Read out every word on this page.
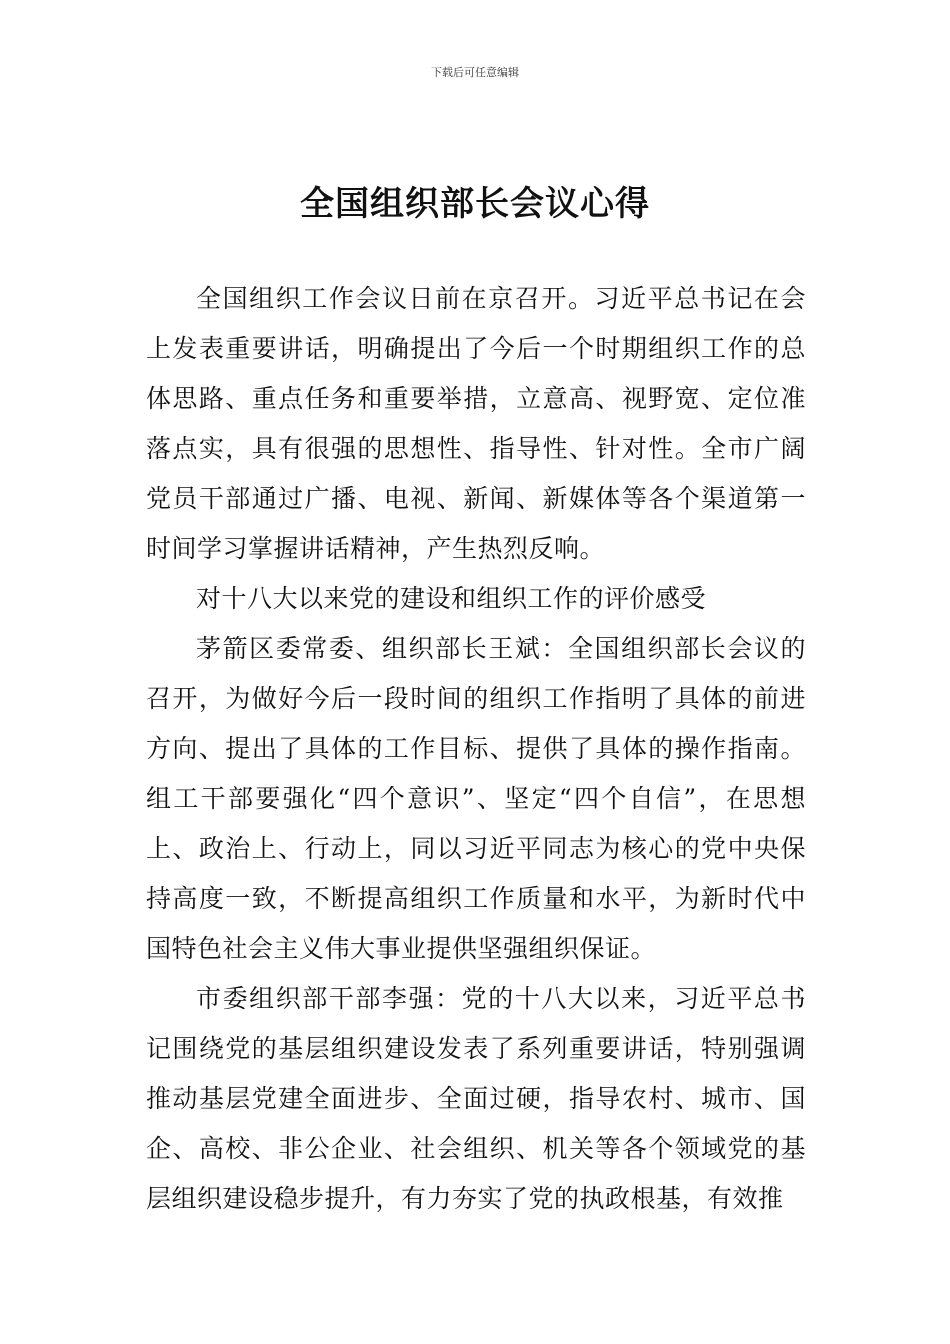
下载后可任意编辑
全国组织部长会议心得

全国组织工作会议日前在京召开。习近平总书记在会上发表重要讲话，明确提出了今后一个时期组织工作的总体思路、重点任务和重要举措，立意高、视野宽、定位准落点实，具有很强的思想性、指导性、针对性。全市广阔党员干部通过广播、电视、新闻、新媒体等各个渠道第一时间学习掌握讲话精神，产生热烈反响。

对十八大以来党的建设和组织工作的评价感受

茅箭区委常委、组织部长王斌：全国组织部长会议的召开，为做好今后一段时间的组织工作指明了具体的前进方向、提出了具体的工作目标、提供了具体的操作指南。组工干部要强化“四个意识”、坚定“四个自信”，在思想上、政治上、行动上，同以习近平同志为核心的党中央保持高度一致，不断提高组织工作质量和水平，为新时代中国特色社会主义伟大事业提供坚强组织保证。

市委组织部干部李强：党的十八大以来，习近平总书记围绕党的基层组织建设发表了系列重要讲话，特别强调推动基层党建全面进步、全面过硬，指导农村、城市、国企、高校、非公企业、社会组织、机关等各个领域党的基层组织建设稳步提升，有力夯实了党的执政根基，有效推
